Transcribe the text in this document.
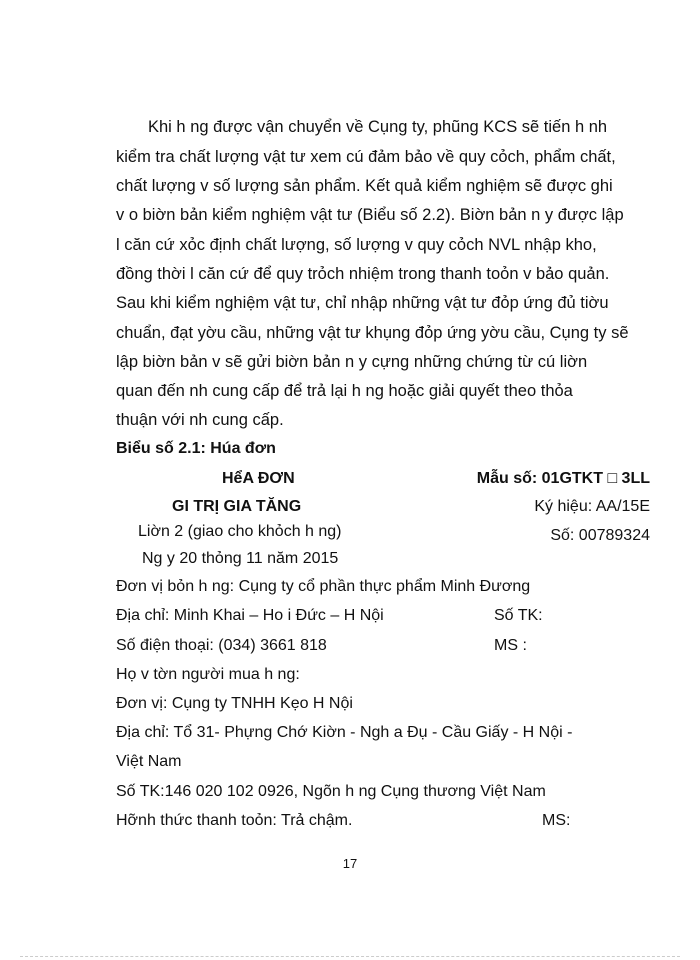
Khi h ng được vận chuyển về Cụng ty, phũng KCS sẽ tiến h nh
kiểm tra chất lượng vật tư xem cú đảm bảo về quy cỏch, phẩm chất,
chất lượng v số lượng sản phẩm. Kết quả kiểm nghiệm sẽ được ghi
v o biờn bản kiểm nghiệm vật tư (Biểu số 2.2). Biờn bản n y được lập
l căn cứ xỏc định chất lượng, số lượng v quy cỏch NVL nhập kho,
đồng thời l căn cứ để quy trỏch nhiệm trong thanh toỏn v bảo quản.
Sau khi kiểm nghiệm vật tư, chỉ nhập những vật tư đỏp ứng đủ tiờu
chuẩn, đạt yờu cầu, những vật tư khụng đỏp ứng yờu cầu, Cụng ty sẽ
lập biờn bản v sẽ gửi biờn bản n y cựng những chứng từ cú liờn
quan đến nh cung cấp để trả lại h ng hoặc giải quyết theo thỏa
thuận với nh cung cấp.
Biểu số 2.1: Húa đơn
HểA ĐƠN	Mẫu số: 01GTKT □ 3LL
GI TRỊ GIA TĂNG	Ký hiệu: AA/15E
Liờn 2 (giao cho khỏch h ng)	Số: 00789324
Ng y 20 thỏng 11 năm 2015
Đơn vị bỏn h ng: Cụng ty cổ phần thực phẩm Minh Đương
Địa chỉ: Minh Khai – Ho i Đức – H Nội	Số TK:
Số điện thoại: (034) 3661 818	MS :
Họ v tờn người mua h ng:
Đơn vị: Cụng ty TNHH Kẹo H Nội
Địa chỉ: Tổ 31- Phựng Chớ Kiờn - Ngh a Đụ - Cầu Giấy - H Nội -
Việt Nam
Số TK:146 020 102 0926, Ngõn h ng Cụng thương Việt Nam
Hỡnh thức thanh toỏn: Trả chậm.	MS:
17
